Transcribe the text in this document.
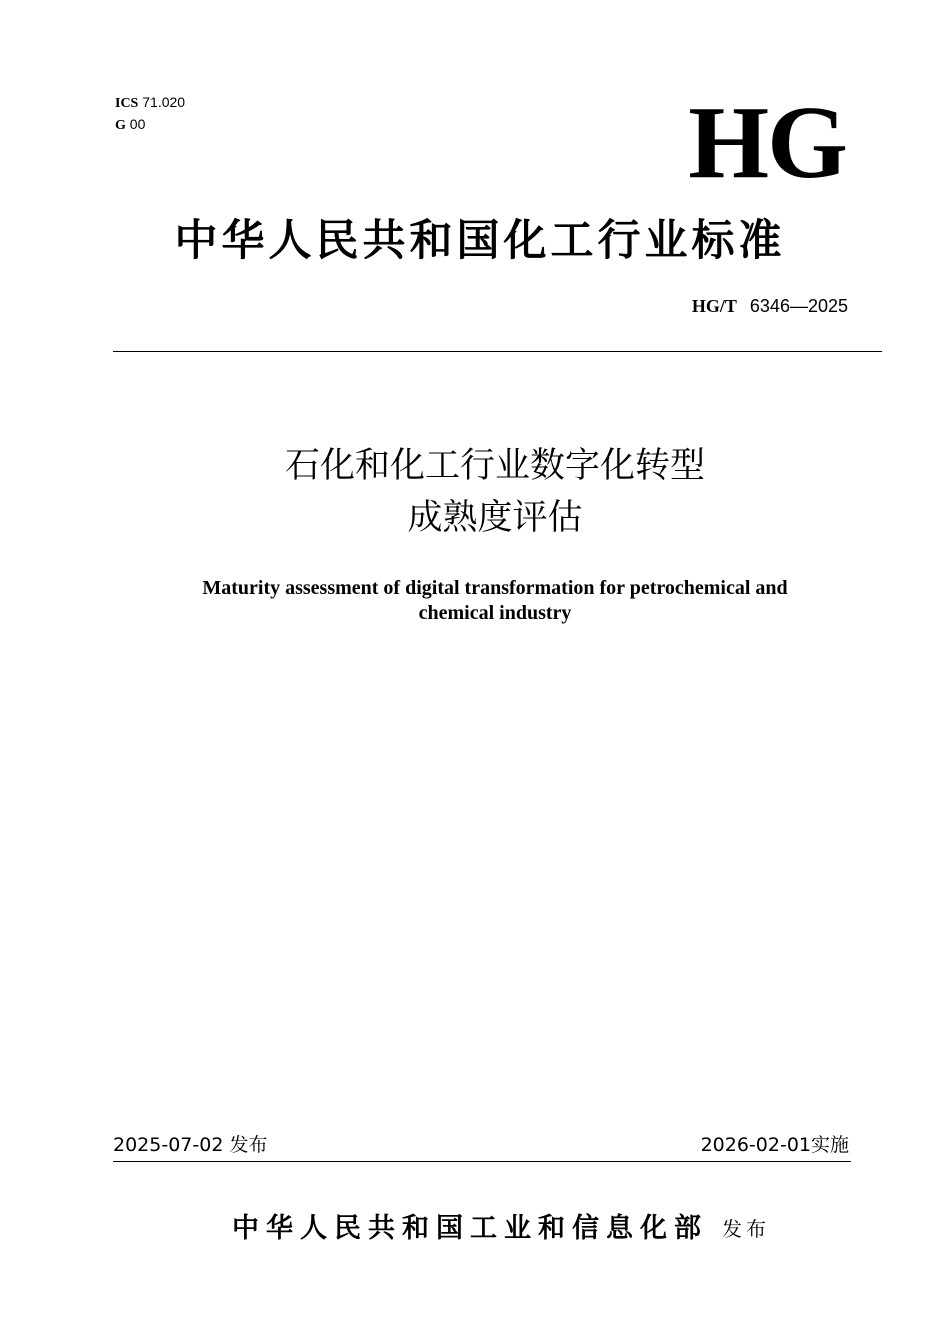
ICS 71.020
G 00	HG
中华人民共和国化工行业标准
HG/T 6346—2025
石化和化工行业数字化转型
成熟度评估
Maturity assessment of digital transformation for petrochemical and
chemical industry
2025-07-02 发布	2026-02-01实施
中华人民共和国工业和信息化部 发布
